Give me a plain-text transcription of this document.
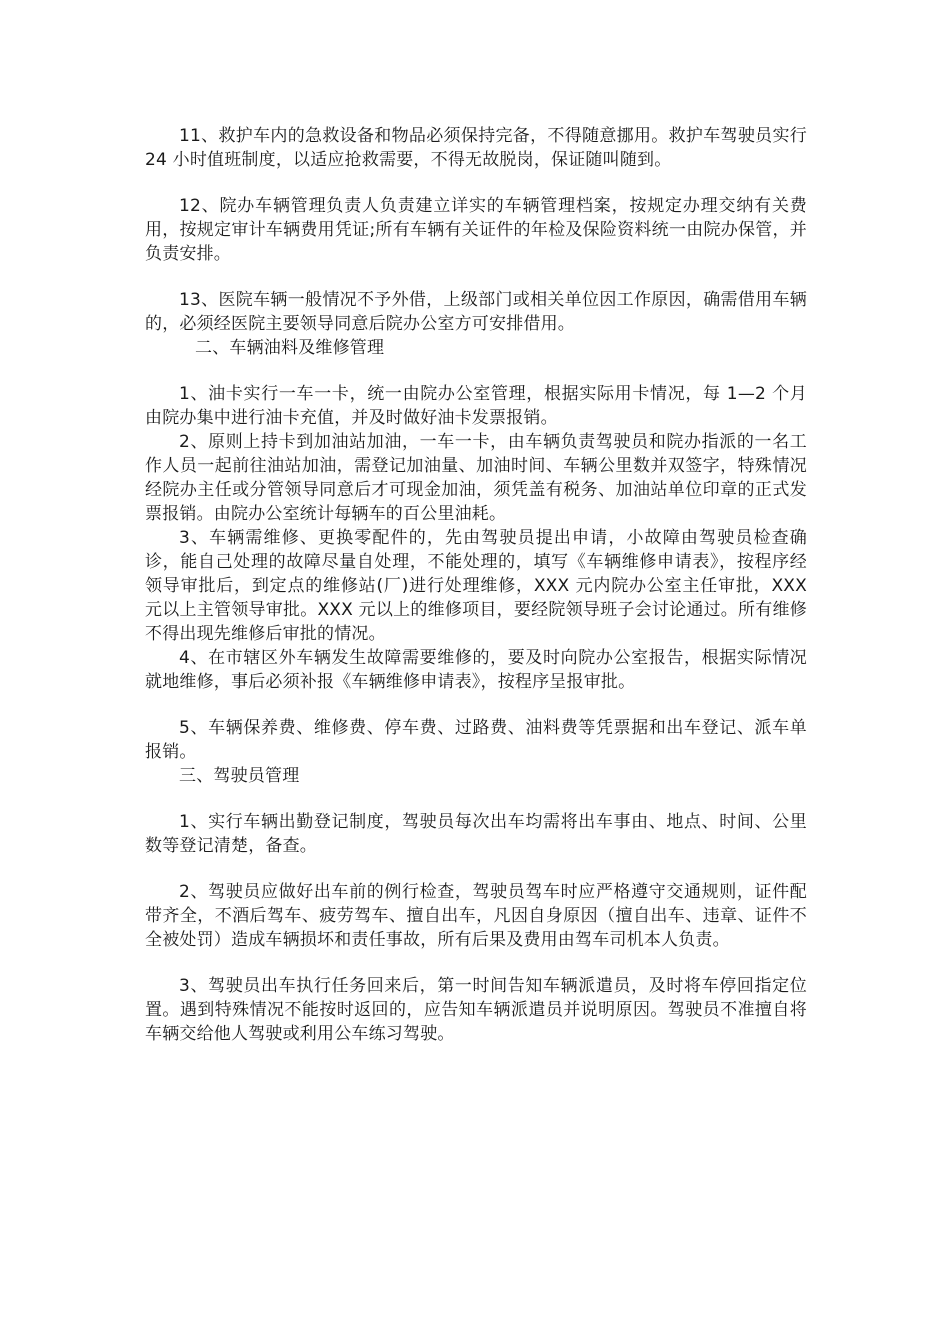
11、救护车内的急救设备和物品必须保持完备，不得随意挪用。救护车驾驶员实行 24 小时值班制度，以适应抢救需要，不得无故脱岗，保证随叫随到。

12、院办车辆管理负责人负责建立详实的车辆管理档案，按规定办理交纳有关费用，按规定审计车辆费用凭证;所有车辆有关证件的年检及保险资料统一由院办保管，并负责安排。

13、医院车辆一般情况不予外借，上级部门或相关单位因工作原因，确需借用车辆的，必须经医院主要领导同意后院办公室方可安排借用。

二、车辆油料及维修管理

1、油卡实行一车一卡，统一由院办公室管理，根据实际用卡情况，每 1—2 个月由院办集中进行油卡充值，并及时做好油卡发票报销。

2、原则上持卡到加油站加油，一车一卡，由车辆负责驾驶员和院办指派的一名工作人员一起前往油站加油，需登记加油量、加油时间、车辆公里数并双签字，特殊情况经院办主任或分管领导同意后才可现金加油，须凭盖有税务、加油站单位印章的正式发票报销。由院办公室统计每辆车的百公里油耗。

3、车辆需维修、更换零配件的，先由驾驶员提出申请，小故障由驾驶员检查确诊，能自己处理的故障尽量自处理，不能处理的，填写《车辆维修申请表》，按程序经领导审批后，到定点的维修站(厂)进行处理维修，XXX 元内院办公室主任审批，XXX 元以上主管领导审批。XXX 元以上的维修项目，要经院领导班子会讨论通过。所有维修不得出现先维修后审批的情况。

4、在市辖区外车辆发生故障需要维修的，要及时向院办公室报告，根据实际情况就地维修，事后必须补报《车辆维修申请表》，按程序呈报审批。

5、车辆保养费、维修费、停车费、过路费、油料费等凭票据和出车登记、派车单报销。

三、驾驶员管理

1、实行车辆出勤登记制度，驾驶员每次出车均需将出车事由、地点、时间、公里数等登记清楚，备查。

2、驾驶员应做好出车前的例行检查，驾驶员驾车时应严格遵守交通规则，证件配带齐全，不酒后驾车、疲劳驾车、擅自出车，凡因自身原因（擅自出车、违章、证件不全被处罚）造成车辆损坏和责任事故，所有后果及费用由驾车司机本人负责。

3、驾驶员出车执行任务回来后，第一时间告知车辆派遣员，及时将车停回指定位置。遇到特殊情况不能按时返回的，应告知车辆派遣员并说明原因。驾驶员不准擅自将车辆交给他人驾驶或利用公车练习驾驶。
